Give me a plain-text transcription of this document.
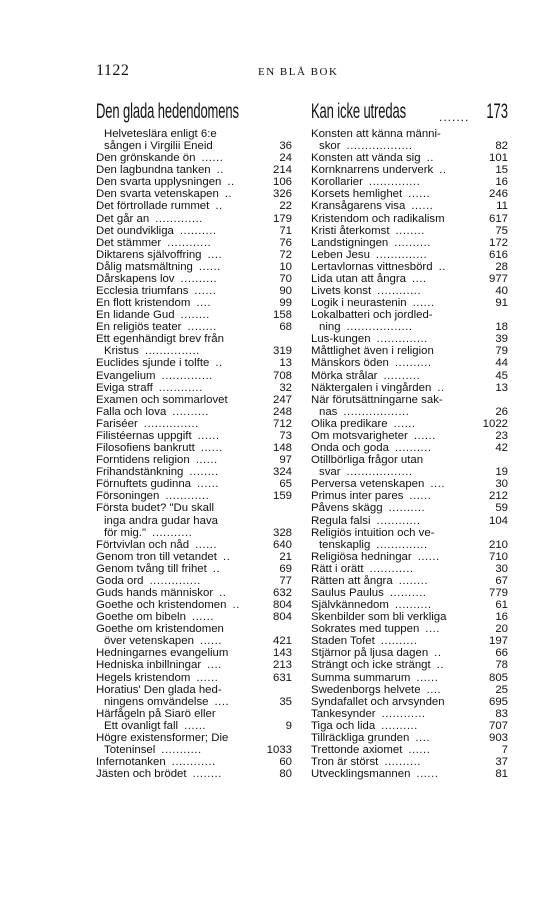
1122	EN BLÅ BOK
Den glada hedendomens
Helveteslära enligt 6:e
sången i Virgilii Eneid	36
Den grönskande ön ......	24
Den lagbundna tanken ..	214
Den svarta upplysningen ..	106
Den svarta vetenskapen ..	326
Det förtrollade rummet ..	22
Det går an .............	179
Det oundvikliga ..........	71
Det stämmer ............	76
Diktarens självoffring ....	72
Dålig matsmältning ......	10
Dårskapens lov ..........	70
Ecclesia triumfans ......	90
En flott kristendom ....	99
En lidande Gud ........	158
En religiös teater ........	68
Ett egenhändigt brev från
Kristus ...............	319
Euclides sjunde i tolfte ..	13
Evangelium ..............	708
Eviga straff ............	32
Examen och sommarlovet	247
Falla och lova ..........	248
Fariséer ...............	712
Filistéernas uppgift ......	73
Filosofiens bankrutt ......	148
Forntidens religion ......	97
Frihandstänkning ........	324
Förnuftets gudinna ......	65
Försoningen ............	159
Första budet? "Du skall
inga andra gudar hava
för mig." ...........	328
Förtvivlan och nåd ......	640
Genom tron till vetandet ..	21
Genom tvång till frihet ..	69
Goda ord ..............	77
Guds hands människor ..	632
Goethe och kristendomen ..	804
Goethe om bibeln ......	804
Goethe om kristendomen
över vetenskapen ......	421
Hedningarnes evangelium	143
Hedniska inbillningar ....	213
Hegels kristendom ......	631
Horatius' Den glada hed-
ningens omvändelse ....	35
Härfågeln på Siarö eller
Ett ovanligt fall ......	9
Högre existensformer; Die
Toteninsel ...........	1033
Infernotanken ............	60
Jästen och brödet ........	80
Kan icke utredas	....... 173
Konsten att känna männi-
skor ..................	82
Konsten att vända sig ..	101
Kornknarrens underverk ..	15
Korollarier ..............	16
Korsets hemlighet ......	246
Kransågarens visa ......	11
Kristendom och radikalism	617
Kristi återkomst ........	75
Landstigningen ..........	172
Leben Jesu ..............	616
Lertavlornas vittnesbörd ..	28
Lida utan att ångra ....	977
Livets konst ............	40
Logik i neurastenin ......	91
Lokalbatteri och jordled-
ning ..................	18
Lus-kungen ..............	39
Måttlighet även i religion	79
Mänskors öden ..........	44
Mörka strålar ..........	45
Näktergalen i vingården ..	13
När förutsättningarne sak-
nas ..................	26
Olika predikare ......	1022
Om motsvarigheter ......	23
Onda och goda ..........	42
Otillbörliga frågor utan
svar ..................	19
Perversa vetenskapen ....	30
Primus inter pares ......	212
Påvens skägg ..........	59
Regula falsi ............	104
Religiös intuition och ve-
tenskaplig ..............	210
Religiösa hedningar ......	710
Rätt i orätt ............	30
Rätten att ångra ........	67
Saulus Paulus ..........	779
Självkännedom ..........	61
Skenbilder som bli verkliga	16
Sokrates med tuppen ....	20
Staden Tofet ..........	197
Stjärnor på ljusa dagen ..	66
Strängt och icke strängt ..	78
Summa summarum ......	805
Swedenborgs helvete ....	25
Syndafallet och arvsynden	695
Tankesynder ............	83
Tiga och lida ..........	707
Tillräckliga grunden ....	903
Trettonde axiomet ......	7
Tron är störst ..........	37
Utvecklingsmannen ......	81
